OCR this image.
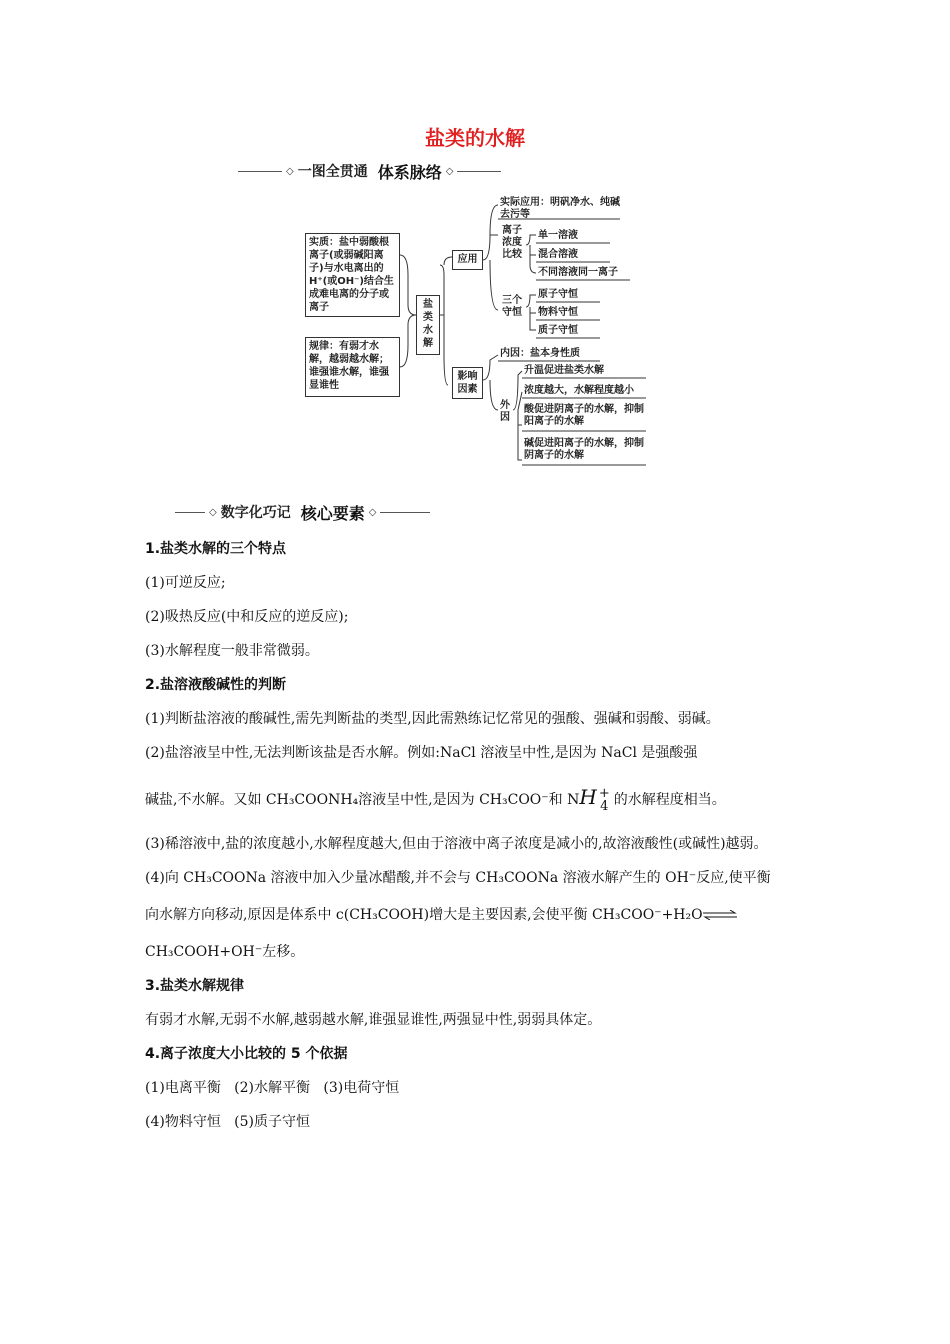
盐类的水解
◇ 一图全贯通 体系脉络 ◇
实质：盐中弱酸根离子(或弱碱阳离子)与水电离出的H⁺(或OH⁻)结合生成难电离的分子或离子
规律：有弱才水解，越弱越水解；谁强谁水解，谁强显谁性
盐类水解
应用
影响因素
实际应用：明矾净水、纯碱去污等
离子浓度比较
单一溶液
混合溶液
不同溶液同一离子
三个守恒
原子守恒
物料守恒
质子守恒
内因：盐本身性质
外因
升温促进盐类水解
浓度越大，水解程度越小
酸促进阴离子的水解，抑制阳离子的水解
碱促进阳离子的水解，抑制阴离子的水解
◇ 数字化巧记 核心要素 ◇

1.盐类水解的三个特点

(1)可逆反应;

(2)吸热反应(中和反应的逆反应);

(3)水解程度一般非常微弱。

2.盐溶液酸碱性的判断

(1)判断盐溶液的酸碱性,需先判断盐的类型,因此需熟练记忆常见的强酸、强碱和弱酸、弱碱。

(2)盐溶液呈中性,无法判断该盐是否水解。例如:NaCl 溶液呈中性,是因为 NaCl 是强酸强

碱盐,不水解。又如 CH₃COONH₄溶液呈中性,是因为 CH₃COO⁻和 NH +
4 的水解程度相当。

(3)稀溶液中,盐的浓度越小,水解程度越大,但由于溶液中离子浓度是减小的,故溶液酸性(或碱性)越弱。

(4)向 CH₃COONa 溶液中加入少量冰醋酸,并不会与 CH₃COONa 溶液水解产生的 OH⁻反应,使平衡

向水解方向移动,原因是体系中 c(CH₃COOH)增大是主要因素,会使平衡 CH₃COO⁻+H₂O⇌

CH₃COOH+OH⁻左移。

3.盐类水解规律

有弱才水解,无弱不水解,越弱越水解,谁强显谁性,两强显中性,弱弱具体定。

4.离子浓度大小比较的 5 个依据

(1)电离平衡   (2)水解平衡   (3)电荷守恒

(4)物料守恒   (5)质子守恒
